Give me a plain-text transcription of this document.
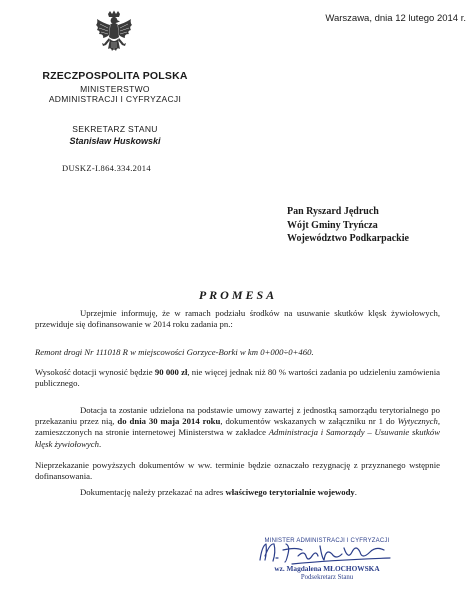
Warszawa, dnia 12 lutego 2014 r.
RZECZPOSPOLITA POLSKA
MINISTERSTWO
ADMINISTRACJI I CYFRYZACJI
SEKRETARZ STANU
Stanisław Huskowski
DUSKZ-I.864.334.2014
Pan Ryszard Jędruch
Wójt Gminy Tryńcza
Województwo Podkarpackie
PROMESA
Uprzejmie informuję, że w ramach podziału środków na usuwanie skutków klęsk żywiołowych, przewiduje się dofinansowanie w 2014 roku zadania pn.:
Remont drogi Nr 111018 R w miejscowości Gorzyce-Borki w km 0+000÷0+460.
Wysokość dotacji wynosić będzie 90 000 zł, nie więcej jednak niż 80 % wartości zadania po udzieleniu zamówienia publicznego.
Dotacja ta zostanie udzielona na podstawie umowy zawartej z jednostką samorządu terytorialnego po przekazaniu przez nią, do dnia 30 maja 2014 roku, dokumentów wskazanych w załączniku nr 1 do Wytycznych, zamieszczonych na stronie internetowej Ministerstwa w zakładce Administracja i Samorządy – Usuwanie skutków klęsk żywiołowych.
Nieprzekazanie powyższych dokumentów w ww. terminie będzie oznaczało rezygnację z przyznanego wstępnie dofinansowania.
Dokumentację należy przekazać na adres właściwego terytorialnie wojewody.
MINISTER ADMINISTRACJI I CYFRYZACJI
wz. Magdalena MŁOCHOWSKA
Podsekretarz Stanu
